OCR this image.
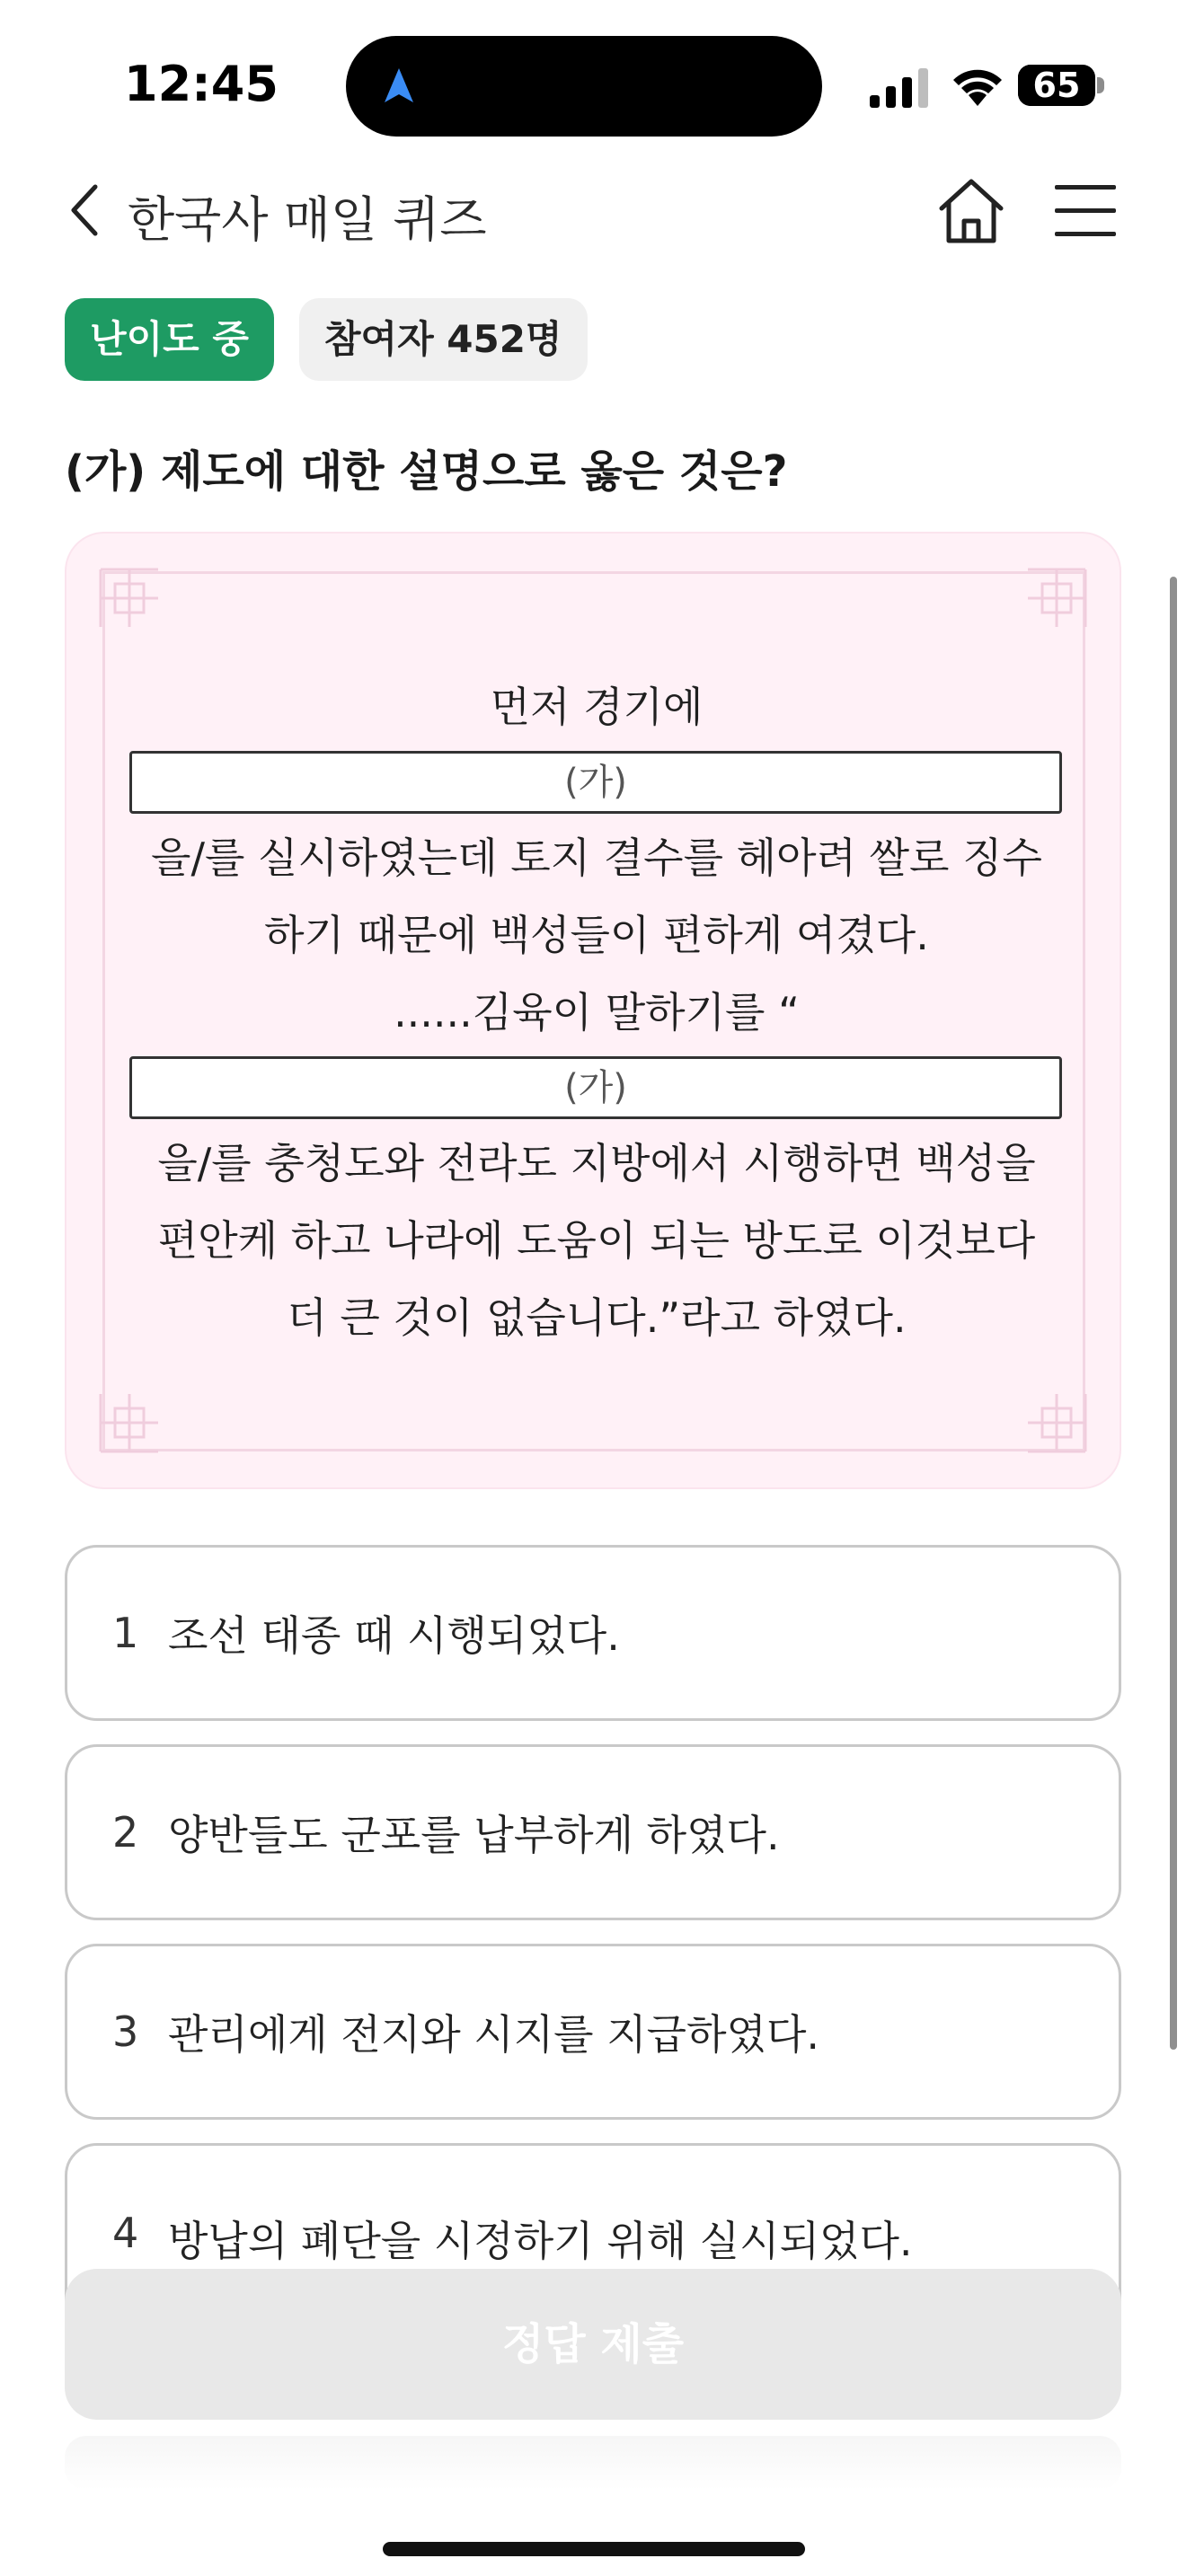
12:45	65
한국사 매일 퀴즈
난이도 중	참여자 452명
(가) 제도에 대한 설명으로 옳은 것은?
먼저 경기에
(가)
을/를 실시하였는데 토지 결수를 헤아려 쌀로 징수하기 때문에 백성들이 편하게 여겼다.
......김육이 말하기를 “
(가)
을/를 충청도와 전라도 지방에서 시행하면 백성을 편안케 하고 나라에 도움이 되는 방도로 이것보다 더 큰 것이 없습니다.”라고 하였다.
1 조선 태종 때 시행되었다.
2 양반들도 군포를 납부하게 하였다.
3 관리에게 전지와 시지를 지급하였다.
4 방납의 폐단을 시정하기 위해 실시되었다.
정답 제출
